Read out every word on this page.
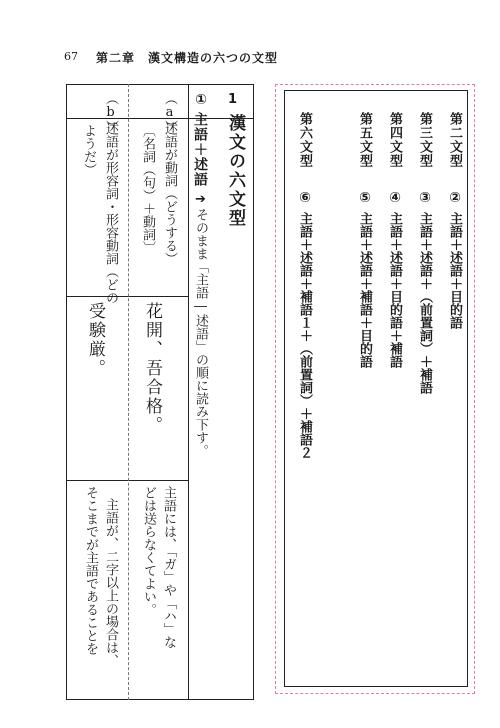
67 第二章　漢文構造の六つの文型
1
漢文の六文型
①
主語＋述語
➔
そのまま「主語―述語」の順に読み下す。
（a）
述語が動詞（どうする）
〔名詞（句）＋動詞〕
花開、吾合格。
（b）
述語が形容詞・形容動詞（どの
ようだ）
受験厳。
主語には、「ガ」や「ハ」な
どは送らなくてよい。
主語が、二字以上の場合は、
そこまでが主語であることを
第二文型
②
主語＋述語＋目的語
第三文型
③
主語＋述語＋（前置詞）＋補語
第四文型
④
主語＋述語＋目的語＋補語
第五文型
⑤
主語＋述語＋補語＋目的語
第六文型
⑥
主語＋述語＋補語１＋（前置詞）＋補語２
